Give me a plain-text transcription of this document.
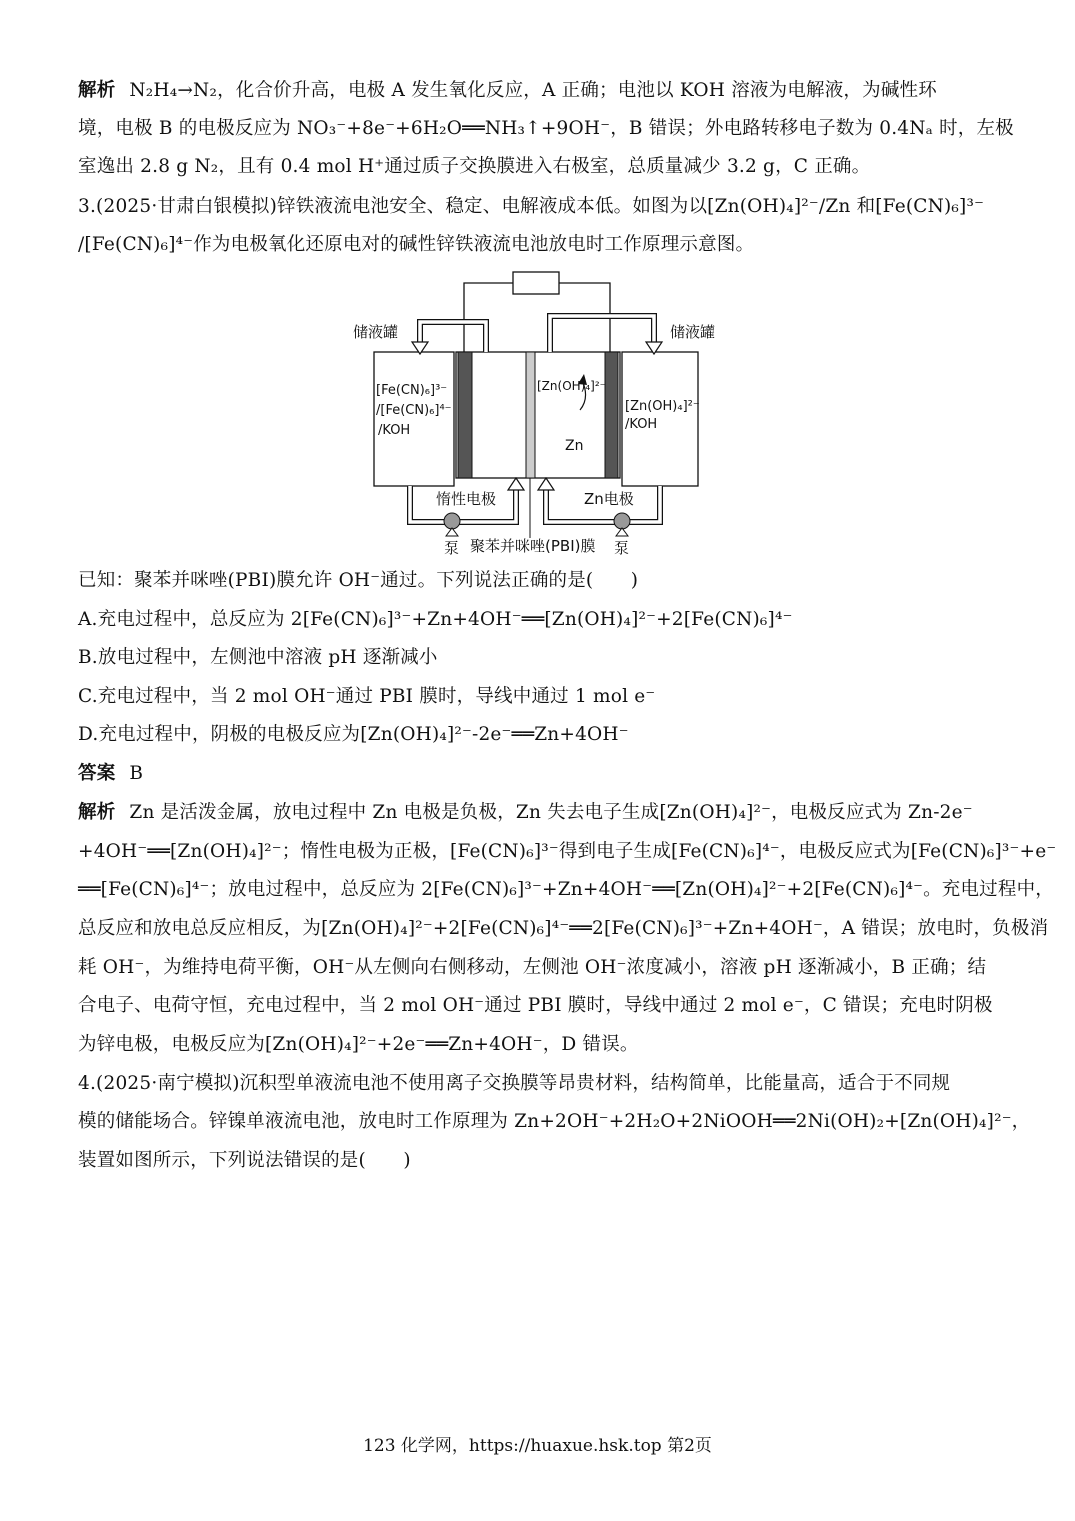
解析 N₂H₄→N₂，化合价升高，电极 A 发生氧化反应，A 正确；电池以 KOH 溶液为电解液，为碱性环
境，电极 B 的电极反应为 NO₃⁻+8e⁻+6H₂O══NH₃↑+9OH⁻，B 错误；外电路转移电子数为 0.4Nₐ 时，左极
室逸出 2.8 g N₂，且有 0.4 mol H⁺通过质子交换膜进入右极室，总质量减少 3.2 g，C 正确。
3.(2025·甘肃白银模拟)锌铁液流电池安全、稳定、电解液成本低。如图为以[Zn(OH)₄]²⁻/Zn 和[Fe(CN)₆]³⁻
/[Fe(CN)₆]⁴⁻作为电极氧化还原电对的碱性锌铁液流电池放电时工作原理示意图。
储液罐	储液罐
[Fe(CN)₆]³⁻
/[Fe(CN)₆]⁴⁻
/KOH
[Zn(OH)₄]²⁻
Zn
[Zn(OH)₄]²⁻
/KOH
惰性电极	Zn电极
泵 聚苯并咪唑(PBI)膜 泵
已知：聚苯并咪唑(PBI)膜允许 OH⁻通过。下列说法正确的是(　　)
A.充电过程中，总反应为 2[Fe(CN)₆]³⁻+Zn+4OH⁻══[Zn(OH)₄]²⁻+2[Fe(CN)₆]⁴⁻
B.放电过程中，左侧池中溶液 pH 逐渐减小
C.充电过程中，当 2 mol OH⁻通过 PBI 膜时，导线中通过 1 mol e⁻
D.充电过程中，阴极的电极反应为[Zn(OH)₄]²⁻-2e⁻══Zn+4OH⁻
答案 B
解析 Zn 是活泼金属，放电过程中 Zn 电极是负极，Zn 失去电子生成[Zn(OH)₄]²⁻，电极反应式为 Zn-2e⁻
+4OH⁻══[Zn(OH)₄]²⁻；惰性电极为正极，[Fe(CN)₆]³⁻得到电子生成[Fe(CN)₆]⁴⁻，电极反应式为[Fe(CN)₆]³⁻+e⁻
══[Fe(CN)₆]⁴⁻；放电过程中，总反应为 2[Fe(CN)₆]³⁻+Zn+4OH⁻══[Zn(OH)₄]²⁻+2[Fe(CN)₆]⁴⁻。充电过程中，
总反应和放电总反应相反，为[Zn(OH)₄]²⁻+2[Fe(CN)₆]⁴⁻══2[Fe(CN)₆]³⁻+Zn+4OH⁻，A 错误；放电时，负极消
耗 OH⁻，为维持电荷平衡，OH⁻从左侧向右侧移动，左侧池 OH⁻浓度减小，溶液 pH 逐渐减小，B 正确；结
合电子、电荷守恒，充电过程中，当 2 mol OH⁻通过 PBI 膜时，导线中通过 2 mol e⁻，C 错误；充电时阴极
为锌电极，电极反应为[Zn(OH)₄]²⁻+2e⁻══Zn+4OH⁻，D 错误。
4.(2025·南宁模拟)沉积型单液流电池不使用离子交换膜等昂贵材料，结构简单，比能量高，适合于不同规
模的储能场合。锌镍单液流电池，放电时工作原理为 Zn+2OH⁻+2H₂O+2NiOOH══2Ni(OH)₂+[Zn(OH)₄]²⁻，
装置如图所示，下列说法错误的是(　　)
123 化学网，https://huaxue.hsk.top 第2页
